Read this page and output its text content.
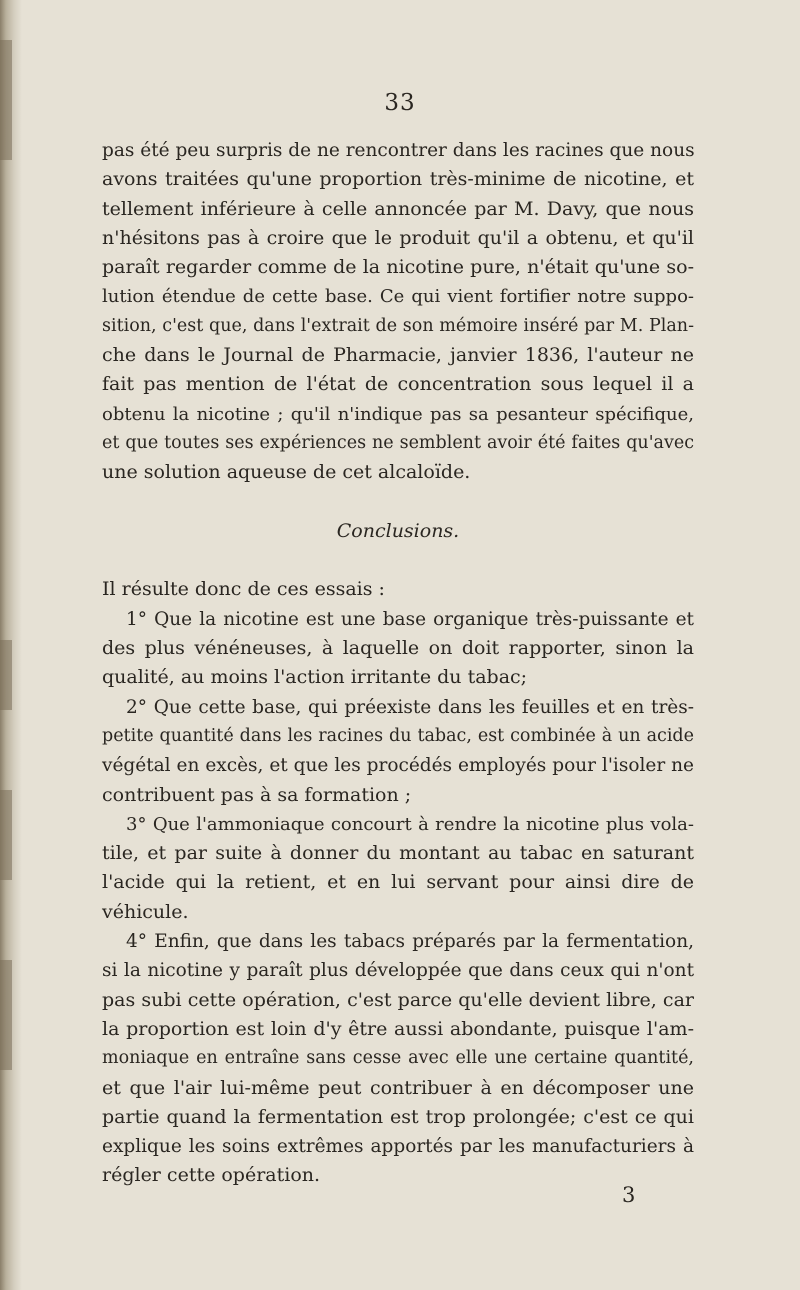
33
pas été peu surpris de ne rencontrer dans les racines que nous
avons traitées qu'une proportion très-minime de nicotine, et
tellement inférieure à celle annoncée par M. Davy, que nous
n'hésitons pas à croire que le produit qu'il a obtenu, et qu'il
paraît regarder comme de la nicotine pure, n'était qu'une so-
lution étendue de cette base. Ce qui vient fortifier notre suppo-
sition, c'est que, dans l'extrait de son mémoire inséré par M. Plan-
che dans le Journal de Pharmacie, janvier 1836, l'auteur ne
fait pas mention de l'état de concentration sous lequel il a
obtenu la nicotine ; qu'il n'indique pas sa pesanteur spécifique,
et que toutes ses expériences ne semblent avoir été faites qu'avec
une solution aqueuse de cet alcaloïde.
Conclusions.
Il résulte donc de ces essais :
1° Que la nicotine est une base organique très-puissante et
des plus vénéneuses, à laquelle on doit rapporter, sinon la
qualité, au moins l'action irritante du tabac;
2° Que cette base, qui préexiste dans les feuilles et en très-
petite quantité dans les racines du tabac, est combinée à un acide
végétal en excès, et que les procédés employés pour l'isoler ne
contribuent pas à sa formation ;
3° Que l'ammoniaque concourt à rendre la nicotine plus vola-
tile, et par suite à donner du montant au tabac en saturant
l'acide qui la retient, et en lui servant pour ainsi dire de
véhicule.
4° Enfin, que dans les tabacs préparés par la fermentation,
si la nicotine y paraît plus développée que dans ceux qui n'ont
pas subi cette opération, c'est parce qu'elle devient libre, car
la proportion est loin d'y être aussi abondante, puisque l'am-
moniaque en entraîne sans cesse avec elle une certaine quantité,
et que l'air lui-même peut contribuer à en décomposer une
partie quand la fermentation est trop prolongée; c'est ce qui
explique les soins extrêmes apportés par les manufacturiers à
régler cette opération.
3
